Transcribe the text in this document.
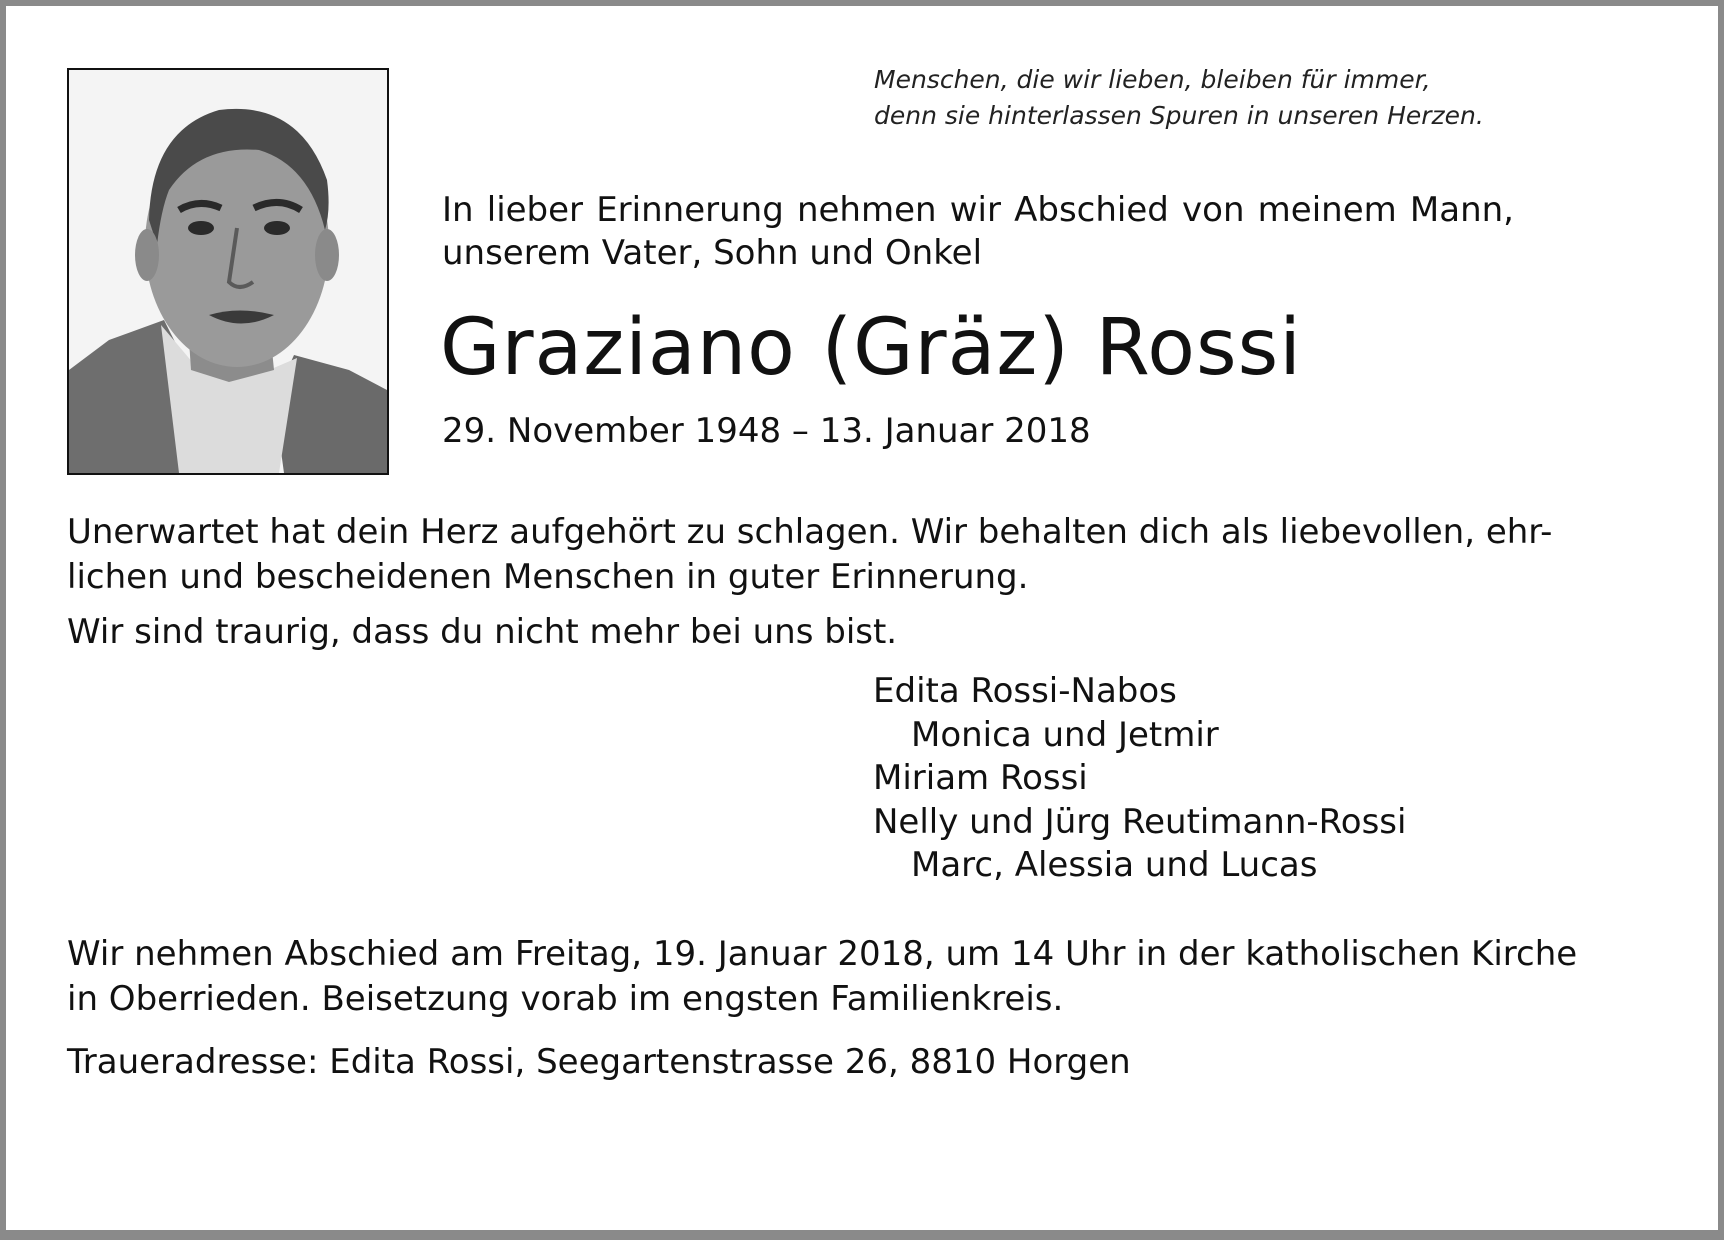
Menschen, die wir lieben, bleiben für immer,
denn sie hinterlassen Spuren in unseren Herzen.
In lieber Erinnerung nehmen wir Abschied von meinem Mann,
unserem Vater, Sohn und Onkel
Graziano (Gräz) Rossi
29. November 1948 – 13. Januar 2018
Unerwartet hat dein Herz aufgehört zu schlagen. Wir behalten dich als liebevollen, ehr-
lichen und bescheidenen Menschen in guter Erinnerung.
Wir sind traurig, dass du nicht mehr bei uns bist.
Edita Rossi-Nabos
Monica und Jetmir
Miriam Rossi
Nelly und Jürg Reutimann-Rossi
Marc, Alessia und Lucas
Wir nehmen Abschied am Freitag, 19. Januar 2018, um 14 Uhr in der katholischen Kirche
in Oberrieden. Beisetzung vorab im engsten Familienkreis.
Traueradresse: Edita Rossi, Seegartenstrasse 26, 8810 Horgen
